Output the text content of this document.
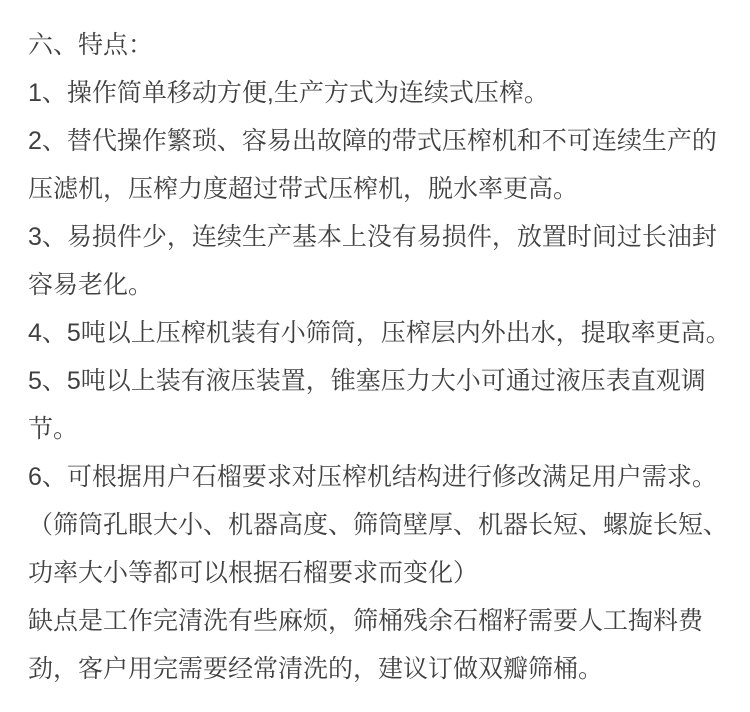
六、特点：
1、操作简单移动方便,生产方式为连续式压榨。
2、替代操作繁琐、容易出故障的带式压榨机和不可连续生产的
压滤机，压榨力度超过带式压榨机，脱水率更高。
3、易损件少，连续生产基本上没有易损件，放置时间过长油封
容易老化。
4、5吨以上压榨机装有小筛筒，压榨层内外出水，提取率更高。
5、5吨以上装有液压装置，锥塞压力大小可通过液压表直观调
节。
6、可根据用户石榴要求对压榨机结构进行修改满足用户需求。
（筛筒孔眼大小、机器高度、筛筒壁厚、机器长短、螺旋长短、
功率大小等都可以根据石榴要求而变化）
缺点是工作完清洗有些麻烦，筛桶残余石榴籽需要人工掏料费
劲，客户用完需要经常清洗的，建议订做双瓣筛桶。
